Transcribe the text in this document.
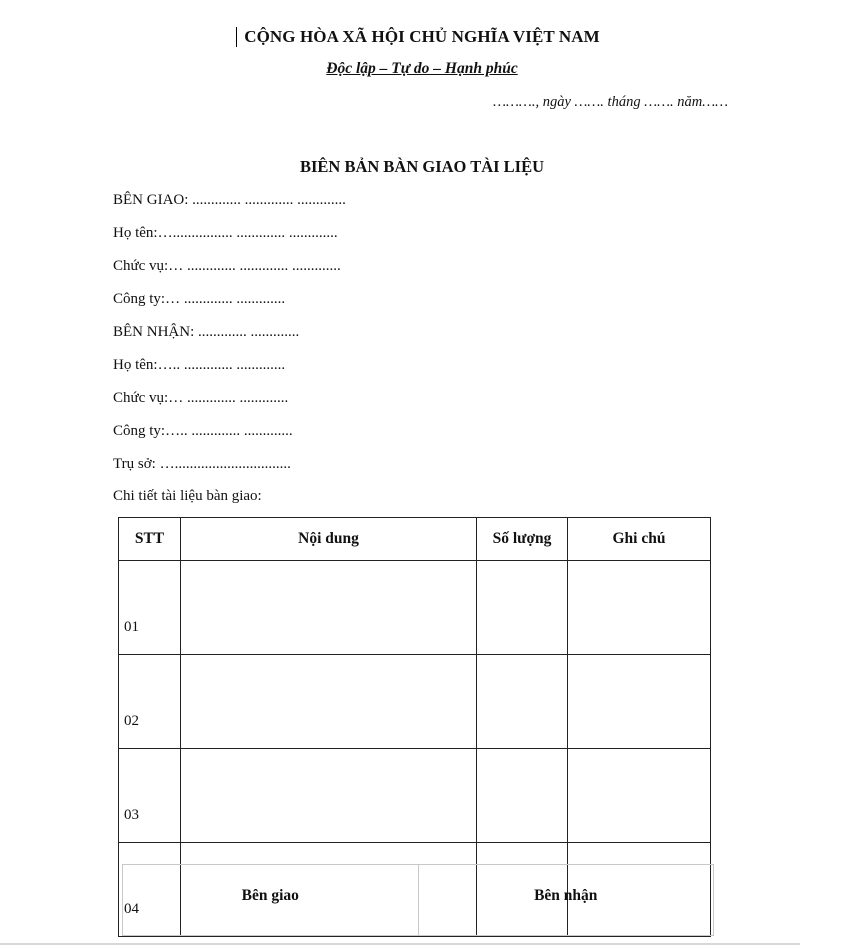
CỘNG HÒA XÃ HỘI CHỦ NGHĨA VIỆT NAM
Độc lập – Tự do – Hạnh phúc
………., ngày ……. tháng ……. năm……
BIÊN BẢN BÀN GIAO TÀI LIỆU
BÊN GIAO: ............. ............. .............
Họ tên:…................ ............. .............
Chức vụ:… ............. ............. .............
Công ty:… ............. .............
BÊN NHẬN: ............. .............
Họ tên:….. ............. .............
Chức vụ:… ............. .............
Công ty:….. ............. .............
Trụ sở: …...............................
Chi tiết tài liệu bàn giao:
STT	Nội dung	Số lượng	Ghi chú
01			
02			
03			
04			
Bên giao	Bên nhận
